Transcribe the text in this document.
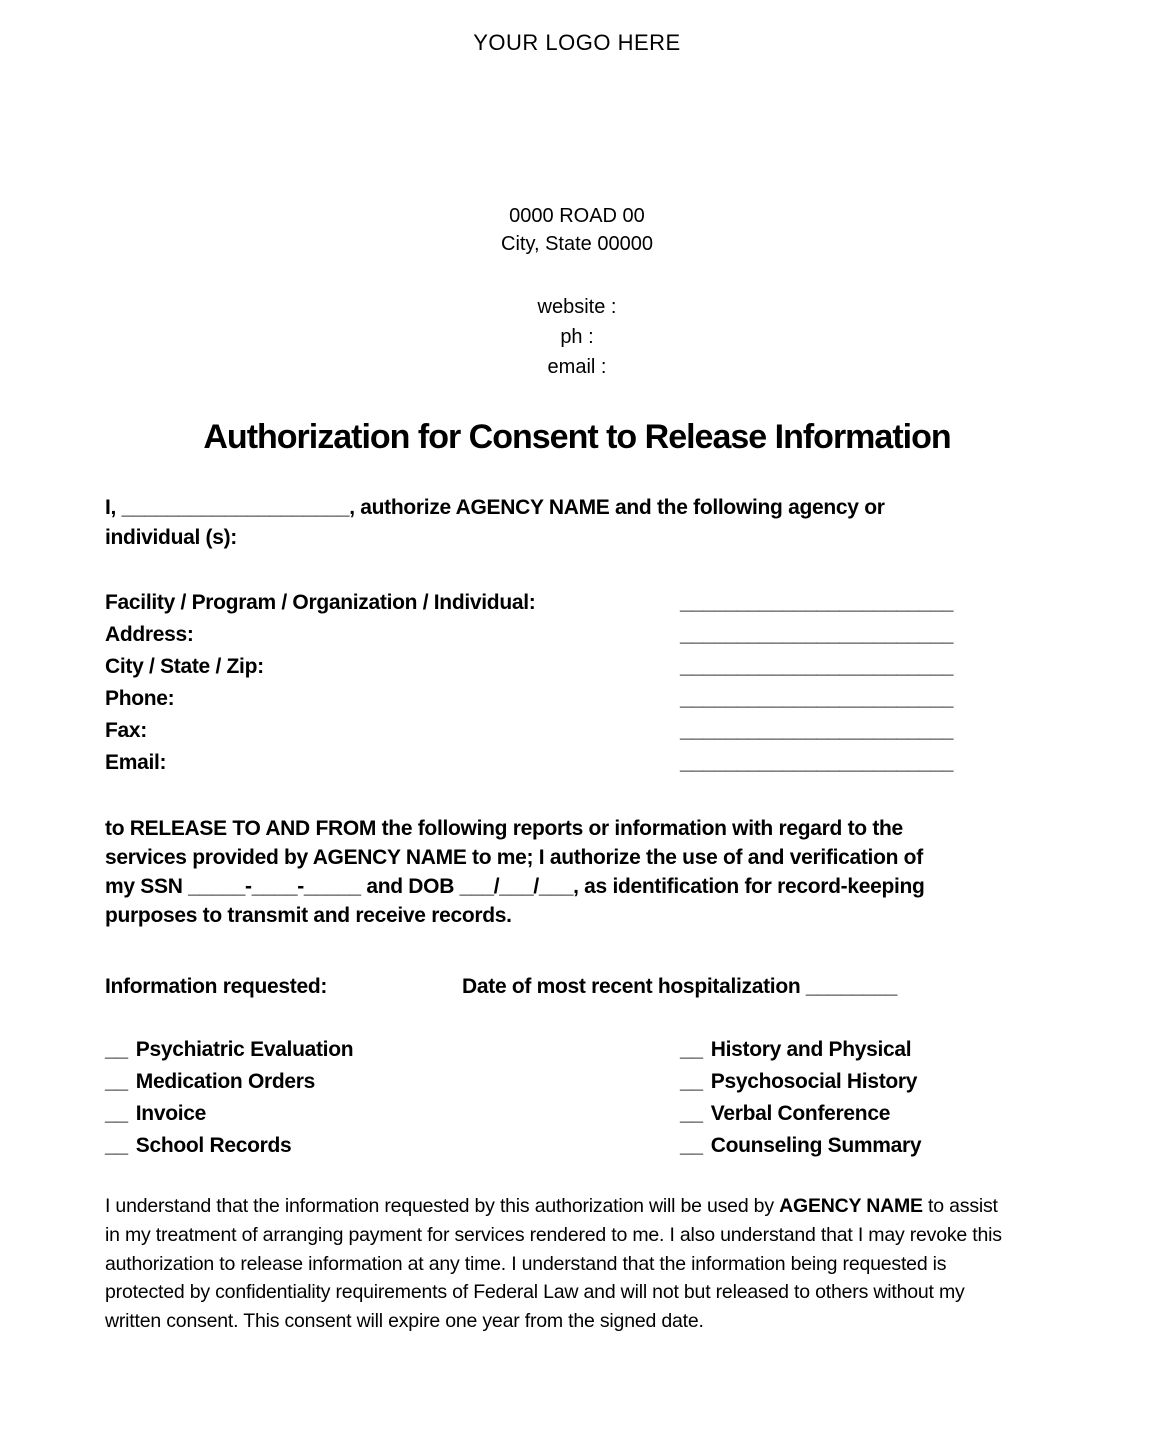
YOUR LOGO HERE
0000 ROAD 00
City, State 00000
website :
ph :
email :
Authorization for Consent to Release Information
I, ____________________, authorize AGENCY NAME and the following agency or
individual (s):
Facility / Program / Organization / Individual:	________________________
Address:	________________________
City / State / Zip:	________________________
Phone:	________________________
Fax:	________________________
Email:	________________________
to RELEASE TO AND FROM the following reports or information with regard to the
services provided by AGENCY NAME to me; I authorize the use of and verification of
my SSN _____-____-_____ and DOB ___/___/___, as identification for record-keeping
purposes to transmit and receive records.
Information requested:	Date of most recent hospitalization ________
__ Psychiatric Evaluation	__ History and Physical
__ Medication Orders	__ Psychosocial History
__ Invoice	__ Verbal Conference
__ School Records	__ Counseling Summary
I understand that the information requested by this authorization will be used by AGENCY NAME to assist
in my treatment of arranging payment for services rendered to me. I also understand that I may revoke this
authorization to release information at any time. I understand that the information being requested is
protected by confidentiality requirements of Federal Law and will not but released to others without my
written consent. This consent will expire one year from the signed date.
